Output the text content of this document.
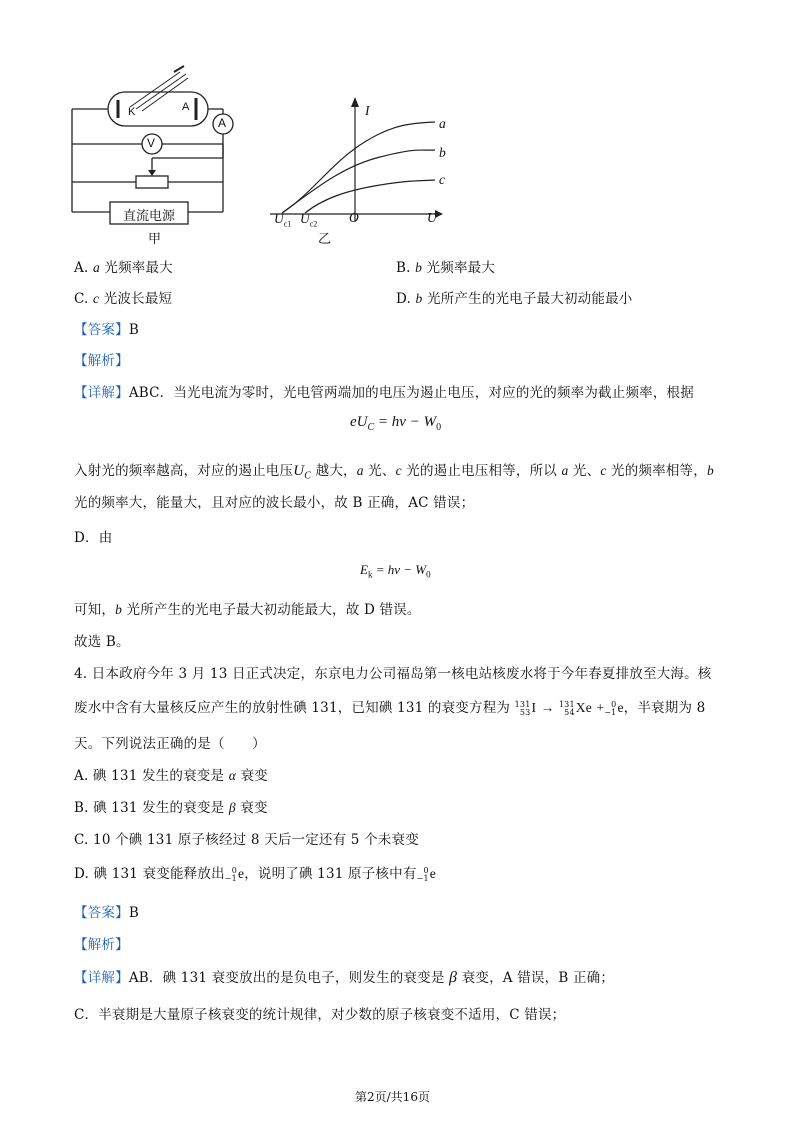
K	A
A
V
直流电源
甲
I
U
O
a
b
c
$U_{c1}$ $U_{c2}$
乙
A. a 光频率最大	B. b 光频率最大
C. c 光波长最短	D. b 光所产生的光电子最大初动能最小
【答案】B
【解析】
【详解】ABC．当光电流为零时，光电管两端加的电压为遏止电压，对应的光的频率为截止频率，根据
$eU_C = h\nu - W_0$
入射光的频率越高，对应的遏止电压$U_C$ 越大，a 光、c 光的遏止电压相等，所以 a 光、c 光的频率相等，b
光的频率大，能量大，且对应的波长最小，故 B 正确，AC 错误；
D．由
$E_k = h\nu - W_0$
可知，b 光所产生的光电子最大初动能最大，故 D 错误。
故选 B。
4. 日本政府今年 3 月 13 日正式决定，东京电力公司福岛第一核电站核废水将于今年春夏排放至大海。核
废水中含有大量核反应产生的放射性碘 131，已知碘 131 的衰变方程为 131
53 I → 131
54 Xe + 0
−1 e，半衰期为 8
天。下列说法正确的是（　　）
A. 碘 131 发生的衰变是 α 衰变
B. 碘 131 发生的衰变是 β 衰变
C. 10 个碘 131 原子核经过 8 天后一定还有 5 个未衰变
D. 碘 131 衰变能释放出 0
−1 e，说明了碘 131 原子核中有 0
−1 e
【答案】B
【解析】
【详解】AB．碘 131 衰变放出的是负电子，则发生的衰变是 β 衰变，A 错误，B 正确；
C．半衰期是大量原子核衰变的统计规律，对少数的原子核衰变不适用，C 错误；
第2页/共16页
